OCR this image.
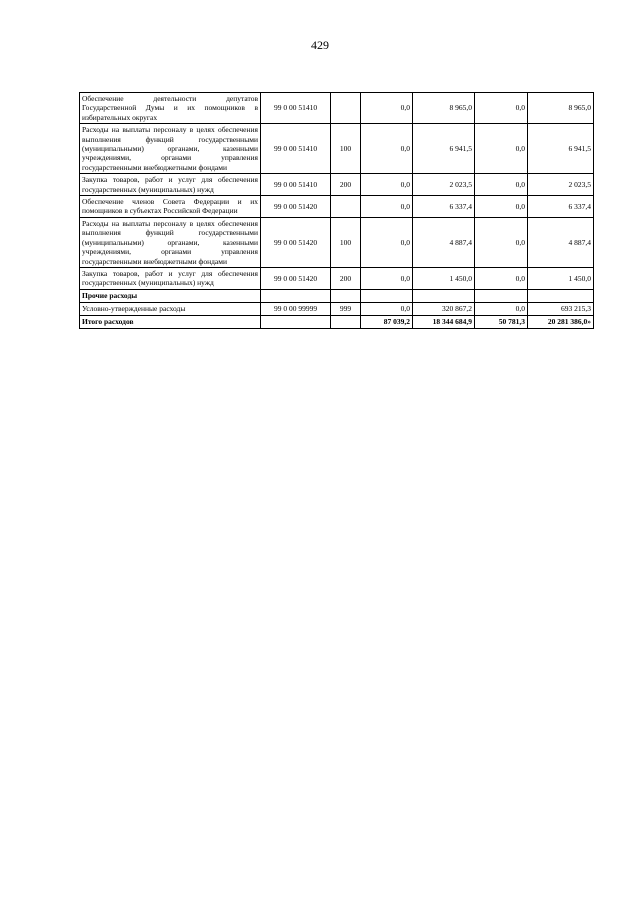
429
Обеспечение деятельности депутатов Государственной Думы и их помощников в избирательных округах	99 0 00 51410		0,0	8 965,0	0,0	8 965,0
Расходы на выплаты персоналу в целях обеспечения выполнения функций государственными (муниципальными) органами, казенными учреждениями, органами управления государственными внебюджетными фондами	99 0 00 51410	100	0,0	6 941,5	0,0	6 941,5
Закупка товаров, работ и услуг для обеспечения государственных (муниципальных) нужд	99 0 00 51410	200	0,0	2 023,5	0,0	2 023,5
Обеспечение членов Совета Федерации и их помощников в субъектах Российской Федерации	99 0 00 51420		0,0	6 337,4	0,0	6 337,4
Расходы на выплаты персоналу в целях обеспечения выполнения функций государственными (муниципальными) органами, казенными учреждениями, органами управления государственными внебюджетными фондами	99 0 00 51420	100	0,0	4 887,4	0,0	4 887,4
Закупка товаров, работ и услуг для обеспечения государственных (муниципальных) нужд	99 0 00 51420	200	0,0	1 450,0	0,0	1 450,0
Прочие расходы						
Условно-утвержденные расходы	99 0 00 99999	999	0,0	320 867,2	0,0	693 215,3
Итого расходов			87 039,2	18 344 684,9	50 781,3	20 281 386,0»
